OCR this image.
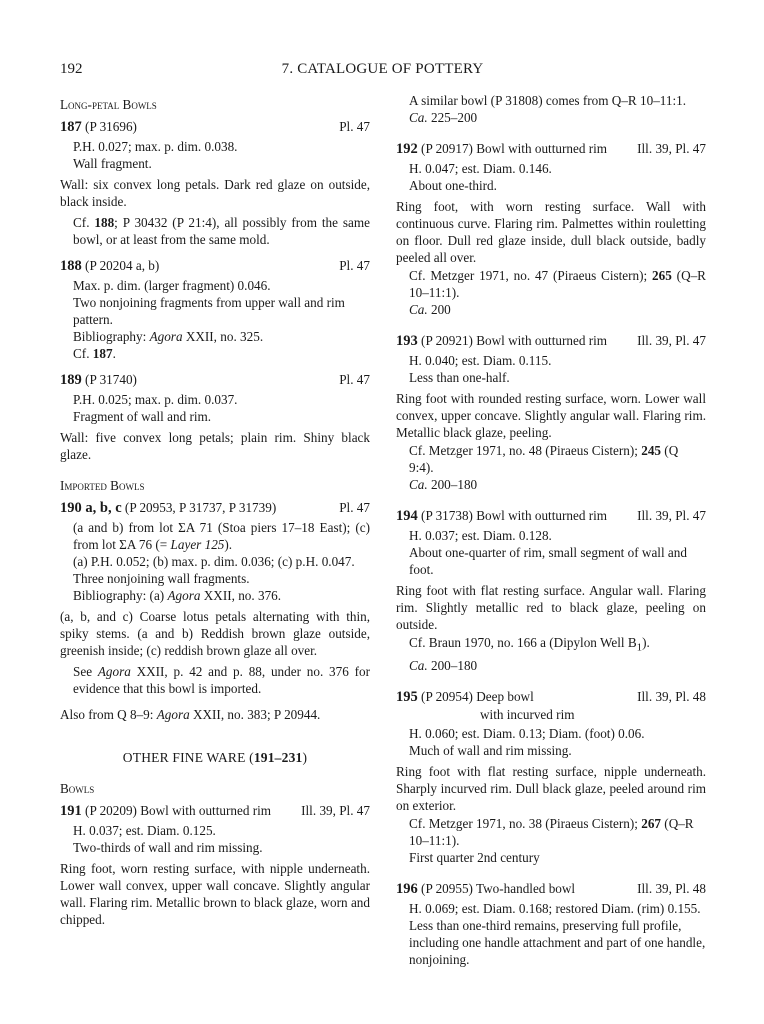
192	7. CATALOGUE OF POTTERY
Long-petal Bowls
187 (P 31696)	Pl. 47
P.H. 0.027; max. p. dim. 0.038.
Wall fragment.
Wall: six convex long petals. Dark red glaze on outside, black inside.
Cf. 188; P 30432 (P 21:4), all possibly from the same bowl, or at least from the same mold.
188 (P 20204 a, b)	Pl. 47
Max. p. dim. (larger fragment) 0.046.
Two nonjoining fragments from upper wall and rim pattern.
Bibliography: Agora XXII, no. 325.
Cf. 187.
189 (P 31740)	Pl. 47
P.H. 0.025; max. p. dim. 0.037.
Fragment of wall and rim.
Wall: five convex long petals; plain rim. Shiny black glaze.
Imported Bowls
190 a, b, c (P 20953, P 31737, P 31739)	Pl. 47
(a and b) from lot ΣA 71 (Stoa piers 17–18 East); (c) from lot ΣA 76 (= Layer 125).
(a) P.H. 0.052; (b) max. p. dim. 0.036; (c) p.H. 0.047.
Three nonjoining wall fragments.
Bibliography: (a) Agora XXII, no. 376.
(a, b, and c) Coarse lotus petals alternating with thin, spiky stems. (a and b) Reddish brown glaze outside, greenish inside; (c) reddish brown glaze all over.
See Agora XXII, p. 42 and p. 88, under no. 376 for evidence that this bowl is imported.
Also from Q 8–9: Agora XXII, no. 383; P 20944.
OTHER FINE WARE (191–231)
Bowls
191 (P 20209) Bowl with outturned rim Ill. 39, Pl. 47
H. 0.037; est. Diam. 0.125.
Two-thirds of wall and rim missing.
Ring foot, worn resting surface, with nipple underneath. Lower wall convex, upper wall concave. Slightly angular wall. Flaring rim. Metallic brown to black glaze, worn and chipped.
A similar bowl (P 31808) comes from Q–R 10–11:1.
Ca. 225–200
192 (P 20917) Bowl with outturned rim Ill. 39, Pl. 47
H. 0.047; est. Diam. 0.146.
About one-third.
Ring foot, with worn resting surface. Wall with continuous curve. Flaring rim. Palmettes within rouletting on floor. Dull red glaze inside, dull black outside, badly peeled all over.
Cf. Metzger 1971, no. 47 (Piraeus Cistern); 265 (Q–R 10–11:1).
Ca. 200
193 (P 20921) Bowl with outturned rim Ill. 39, Pl. 47
H. 0.040; est. Diam. 0.115.
Less than one-half.
Ring foot with rounded resting surface, worn. Lower wall convex, upper concave. Slightly angular wall. Flaring rim. Metallic black glaze, peeling.
Cf. Metzger 1971, no. 48 (Piraeus Cistern); 245 (Q 9:4).
Ca. 200–180
194 (P 31738) Bowl with outturned rim Ill. 39, Pl. 47
H. 0.037; est. Diam. 0.128.
About one-quarter of rim, small segment of wall and foot.
Ring foot with flat resting surface. Angular wall. Flaring rim. Slightly metallic red to black glaze, peeling on outside.
Cf. Braun 1970, no. 166 a (Dipylon Well $B_1$).
Ca. 200–180
195 (P 20954) Deep bowl
with incurved rim
Ill. 39, Pl. 48
H. 0.060; est. Diam. 0.13; Diam. (foot) 0.06.
Much of wall and rim missing.
Ring foot with flat resting surface, nipple underneath. Sharply incurved rim. Dull black glaze, peeled around rim on exterior.
Cf. Metzger 1971, no. 38 (Piraeus Cistern); 267 (Q–R 10–11:1).
First quarter 2nd century
196 (P 20955) Two-handled bowl	Ill. 39, Pl. 48
H. 0.069; est. Diam. 0.168; restored Diam. (rim) 0.155.
Less than one-third remains, preserving full profile, including one handle attachment and part of one handle, nonjoining.
